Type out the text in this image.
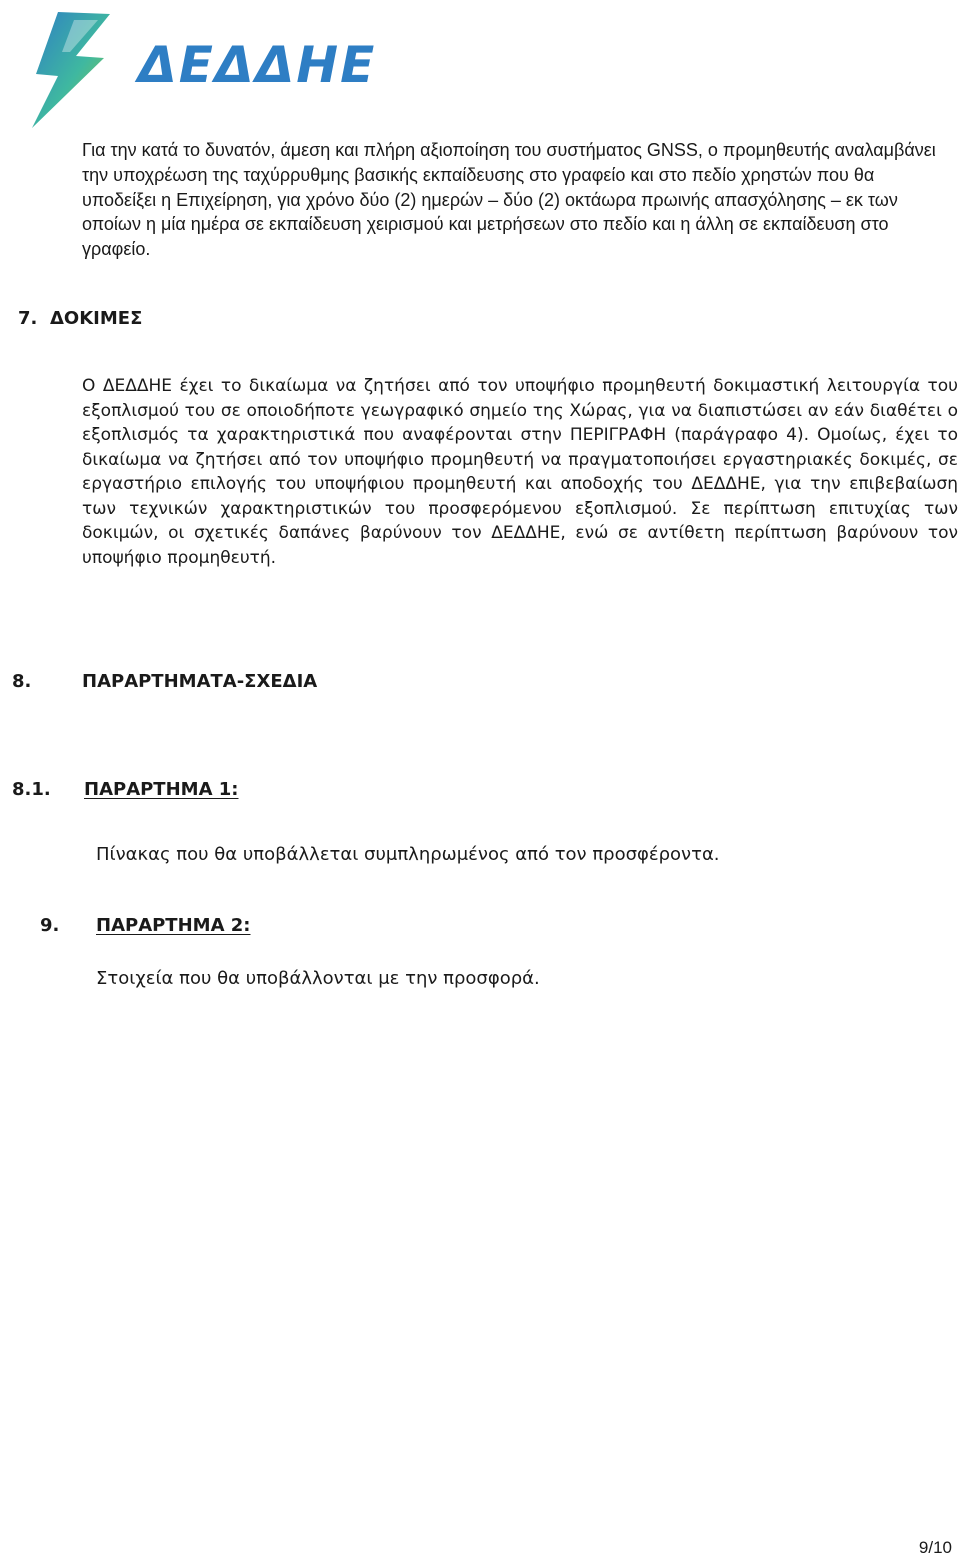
ΔΕΔΔΗΕ

Για την κατά το δυνατόν, άμεση και πλήρη αξιοποίηση του συστήματος GNSS, ο προμηθευτής αναλαμβάνει την υποχρέωση της ταχύρρυθμης βασικής εκπαίδευσης στο γραφείο και στο πεδίο χρηστών που θα υποδείξει η Επιχείρηση, για χρόνο δύο (2) ημερών – δύο (2) οκτάωρα πρωινής απασχόλησης – εκ των οποίων η μία ημέρα σε εκπαίδευση χειρισμού και μετρήσεων στο πεδίο και η άλλη σε εκπαίδευση στο γραφείο.

7. ΔΟΚΙΜΕΣ

Ο ΔΕΔΔΗΕ έχει το δικαίωμα να ζητήσει από τον υποψήφιο προμηθευτή δοκιμαστική λειτουργία του εξοπλισμού του σε οποιοδήποτε γεωγραφικό σημείο της Χώρας, για να διαπιστώσει αν εάν διαθέτει ο εξοπλισμός τα χαρακτηριστικά που αναφέρονται στην ΠΕΡΙΓΡΑΦΗ (παράγραφο 4). Ομοίως, έχει το δικαίωμα να ζητήσει από τον υποψήφιο προμηθευτή να πραγματοποιήσει εργαστηριακές δοκιμές, σε εργαστήριο επιλογής του υποψήφιου προμηθευτή και αποδοχής του ΔΕΔΔΗΕ, για την επιβεβαίωση των τεχνικών χαρακτηριστικών του προσφερόμενου εξοπλισμού. Σε περίπτωση επιτυχίας των δοκιμών, οι σχετικές δαπάνες βαρύνουν τον ΔΕΔΔΗΕ, ενώ σε αντίθετη περίπτωση βαρύνουν τον υποψήφιο προμηθευτή.

8.	ΠΑΡΑΡΤΗΜΑΤΑ-ΣΧΕΔΙΑ
8.1. ΠΑΡΑΡΤΗΜΑ 1:

Πίνακας που θα υποβάλλεται συμπληρωμένος από τον προσφέροντα.

9. ΠΑΡΑΡΤΗΜΑ 2:

Στοιχεία που θα υποβάλλονται με την προσφορά.

9/10
